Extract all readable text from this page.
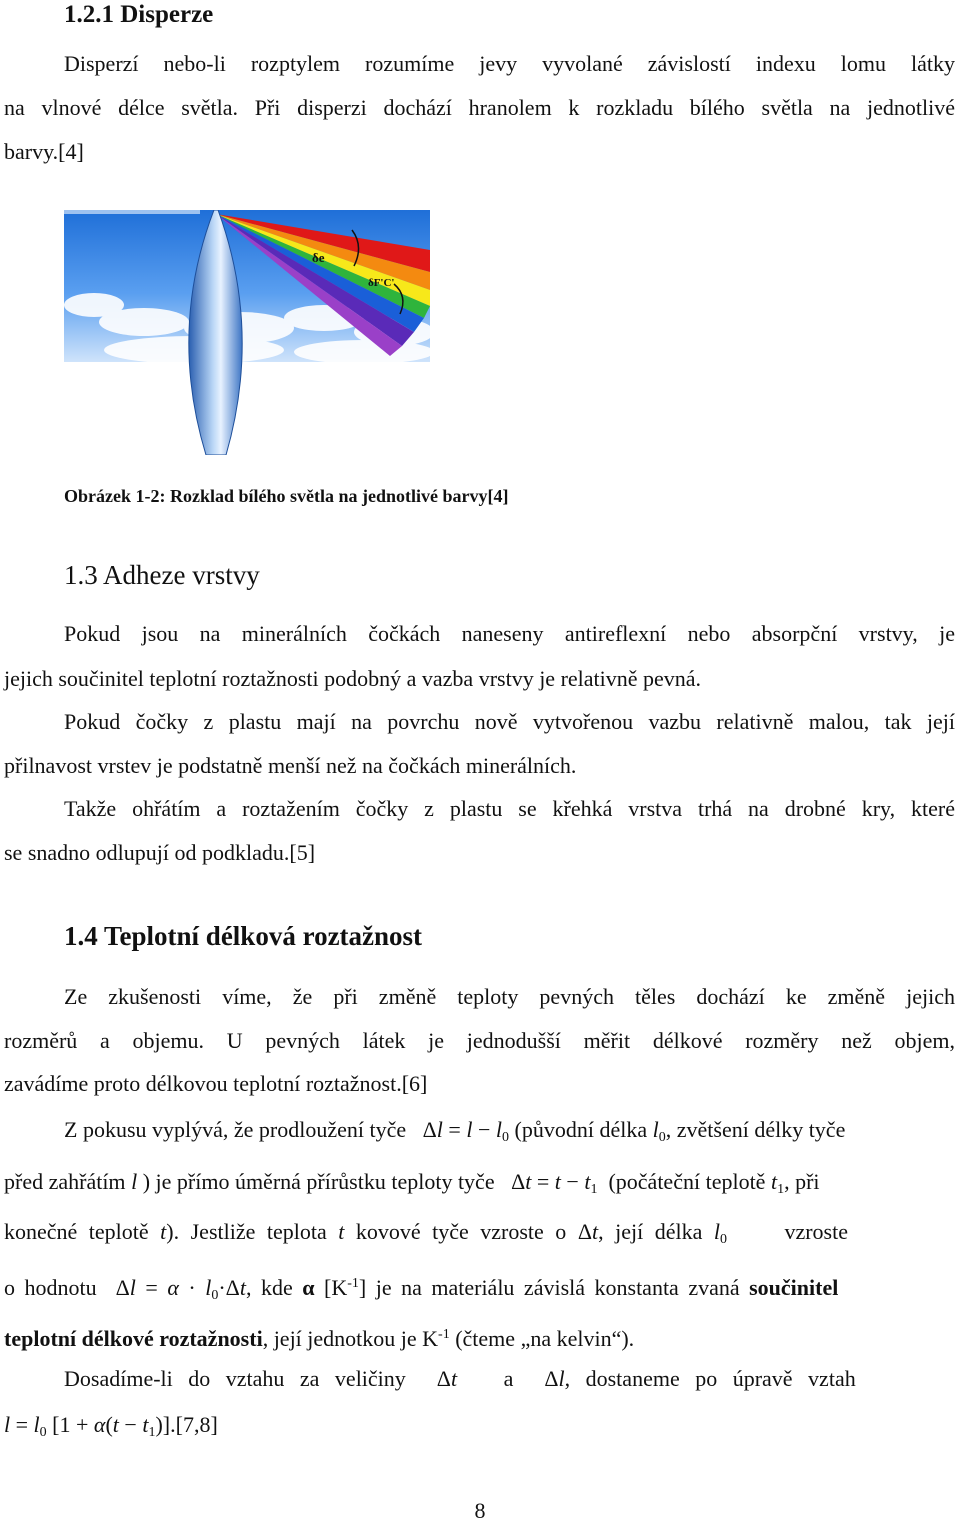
1.2.1 Disperze
Disperzí nebo-li rozptylem rozumíme jevy vyvolané závislostí indexu lomu látky
na vlnové délce světla. Při disperzi dochází hranolem k rozkladu bílého světla na jednotlivé
barvy.[4]
δe
δF'C'
Obrázek 1-2: Rozklad bílého světla na jednotlivé barvy[4]
1.3 Adheze vrstvy
Pokud jsou na minerálních čočkách naneseny antireflexní nebo absorpční vrstvy, je
jejich součinitel teplotní roztažnosti podobný a vazba vrstvy je relativně pevná.
Pokud čočky z plastu mají na povrchu nově vytvořenou vazbu relativně malou, tak její
přilnavost vrstev je podstatně menší než na čočkách minerálních.
Takže ohřátím a roztažením čočky z plastu se křehká vrstva trhá na drobné kry, které
se snadno odlupují od podkladu.[5]
1.4 Teplotní délková roztažnost
Ze zkušenosti víme, že při změně teploty pevných těles dochází ke změně jejich
rozměrů a objemu. U pevných látek je jednodušší měřit délkové rozměry než objem,
zavádíme proto délkovou teplotní roztažnost.[6]
Z pokusu vyplývá, že prodloužení tyče   $\Delta l = l - l_0$ (původní délka $l_0$, zvětšení délky tyče
před zahřátím l ) je přímo úměrná přírůstku teploty tyče   $\Delta t = t - t_1$ (počáteční teplotě $t_1$, při
konečné teplotě t). Jestliže teplota t kovové tyče vzroste o Δt, její délka $l_0$	vzroste
o hodnotu  $\Delta l = \alpha \cdot l_0\cdot\Delta t$, kde α $[K^{-1}]$ je na materiálu závislá konstanta zvaná součinitel
teplotní délkové roztažnosti, její jednotkou je $K^{-1}$ (čteme „na kelvin“).
Dosadíme-li do vztahu za veličiny  Δt a  Δl, dostaneme po úpravě vztah
$l = l_0$ $[1 + \alpha(t - t_1)].[7,8]$
8
